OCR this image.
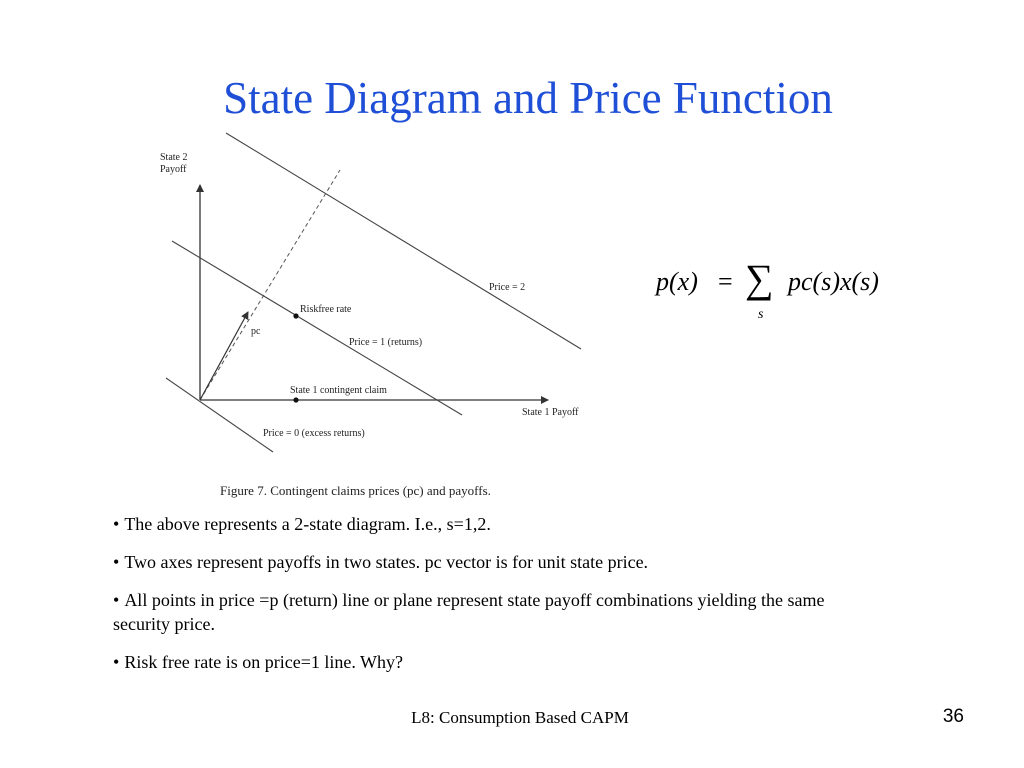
State Diagram and Price Function
State 2
Payoff
State 1 Payoff
Price = 2
Price = 1 (returns)
Price = 0 (excess returns)
Riskfree rate
pc
State 1 contingent claim
Figure 7. Contingent claims prices (pc) and payoffs.
p(x) = ∑
s
pc(s)x(s)
• The above represents a 2-state diagram. I.e., s=1,2.
• Two axes represent payoffs in two states. pc vector is for unit state price.
• All points in price =p (return) line or plane represent state payoff combinations yielding the same security price.
• Risk free rate is on price=1 line. Why?
L8: Consumption Based CAPM	36
